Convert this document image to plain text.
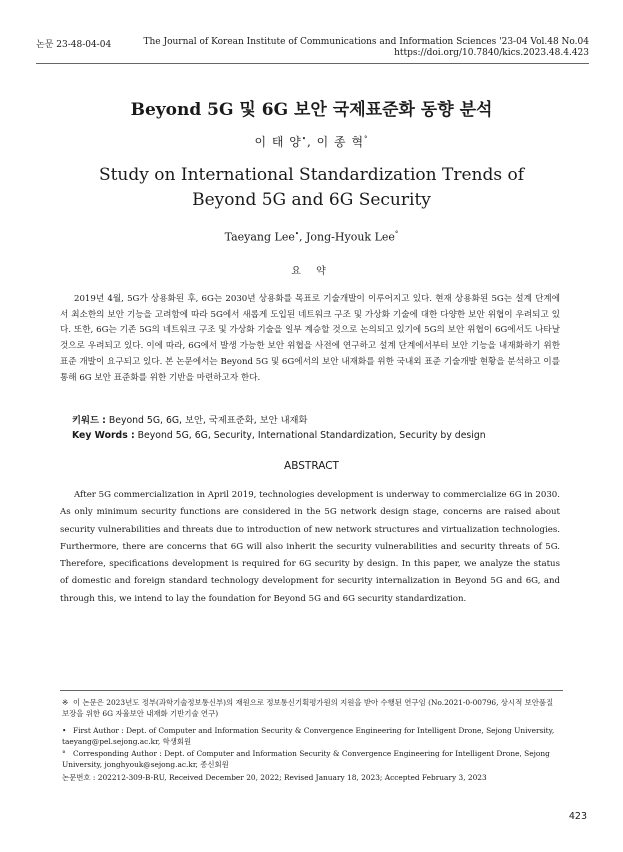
논문 23-48-04-04	The Journal of Korean Institute of Communications and Information Sciences '23-04 Vol.48 No.04
https://doi.org/10.7840/kics.2023.48.4.423
Beyond 5G 및 6G 보안 국제표준화 동향 분석
이 태 양•, 이 종 혁°
Study on International Standardization Trends of
Beyond 5G and 6G Security
Taeyang Lee•, Jong-Hyouk Lee°
요 약
2019년 4월, 5G가 상용화된 후, 6G는 2030년 상용화를 목표로 기술개발이 이루어지고 있다. 현재 상용화된 5G는 설계 단계에서 최소한의 보안 기능을 고려함에 따라 5G에서 새롭게 도입된 네트워크 구조 및 가상화 기술에 대한 다양한 보안 위협이 우려되고 있다. 또한, 6G는 기존 5G의 네트워크 구조 및 가상화 기술을 일부 계승할 것으로 논의되고 있기에 5G의 보안 위협이 6G에서도 나타날 것으로 우려되고 있다. 이에 따라, 6G에서 발생 가능한 보안 위협을 사전에 연구하고 설계 단계에서부터 보안 기능을 내재화하기 위한 표준 개발이 요구되고 있다. 본 논문에서는 Beyond 5G 및 6G에서의 보안 내재화를 위한 국내외 표준 기술개발 현황을 분석하고 이를 통해 6G 보안 표준화를 위한 기반을 마련하고자 한다.
키워드 : Beyond 5G, 6G, 보안, 국제표준화, 보안 내재화
Key Words : Beyond 5G, 6G, Security, International Standardization, Security by design
ABSTRACT
After 5G commercialization in April 2019, technologies development is underway to commercialize 6G in 2030. As only minimum security functions are considered in the 5G network design stage, concerns are raised about security vulnerabilities and threats due to introduction of new network structures and virtualization technologies. Furthermore, there are concerns that 6G will also inherit the security vulnerabilities and security threats of 5G. Therefore, specifications development is required for 6G security by design. In this paper, we analyze the status of domestic and foreign standard technology development for security internalization in Beyond 5G and 6G, and through this, we intend to lay the foundation for Beyond 5G and 6G security standardization.
※ 이 논문은 2023년도 정부(과학기술정보통신부)의 재원으로 정보통신기획평가원의 지원을 받아 수행된 연구임 (No.2021-0-00796, 상시적 보안품질 보장을 위한 6G 자율보안 내재화 기반기술 연구)
• First Author : Dept. of Computer and Information Security & Convergence Engineering for Intelligent Drone, Sejong University, taeyang@pel.sejong.ac.kr, 학생회원
° Corresponding Author : Dept. of Computer and Information Security & Convergence Engineering for Intelligent Drone, Sejong University, jonghyouk@sejong.ac.kr, 종신회원
논문번호 : 202212-309-B-RU, Received December 20, 2022; Revised January 18, 2023; Accepted February 3, 2023
423
